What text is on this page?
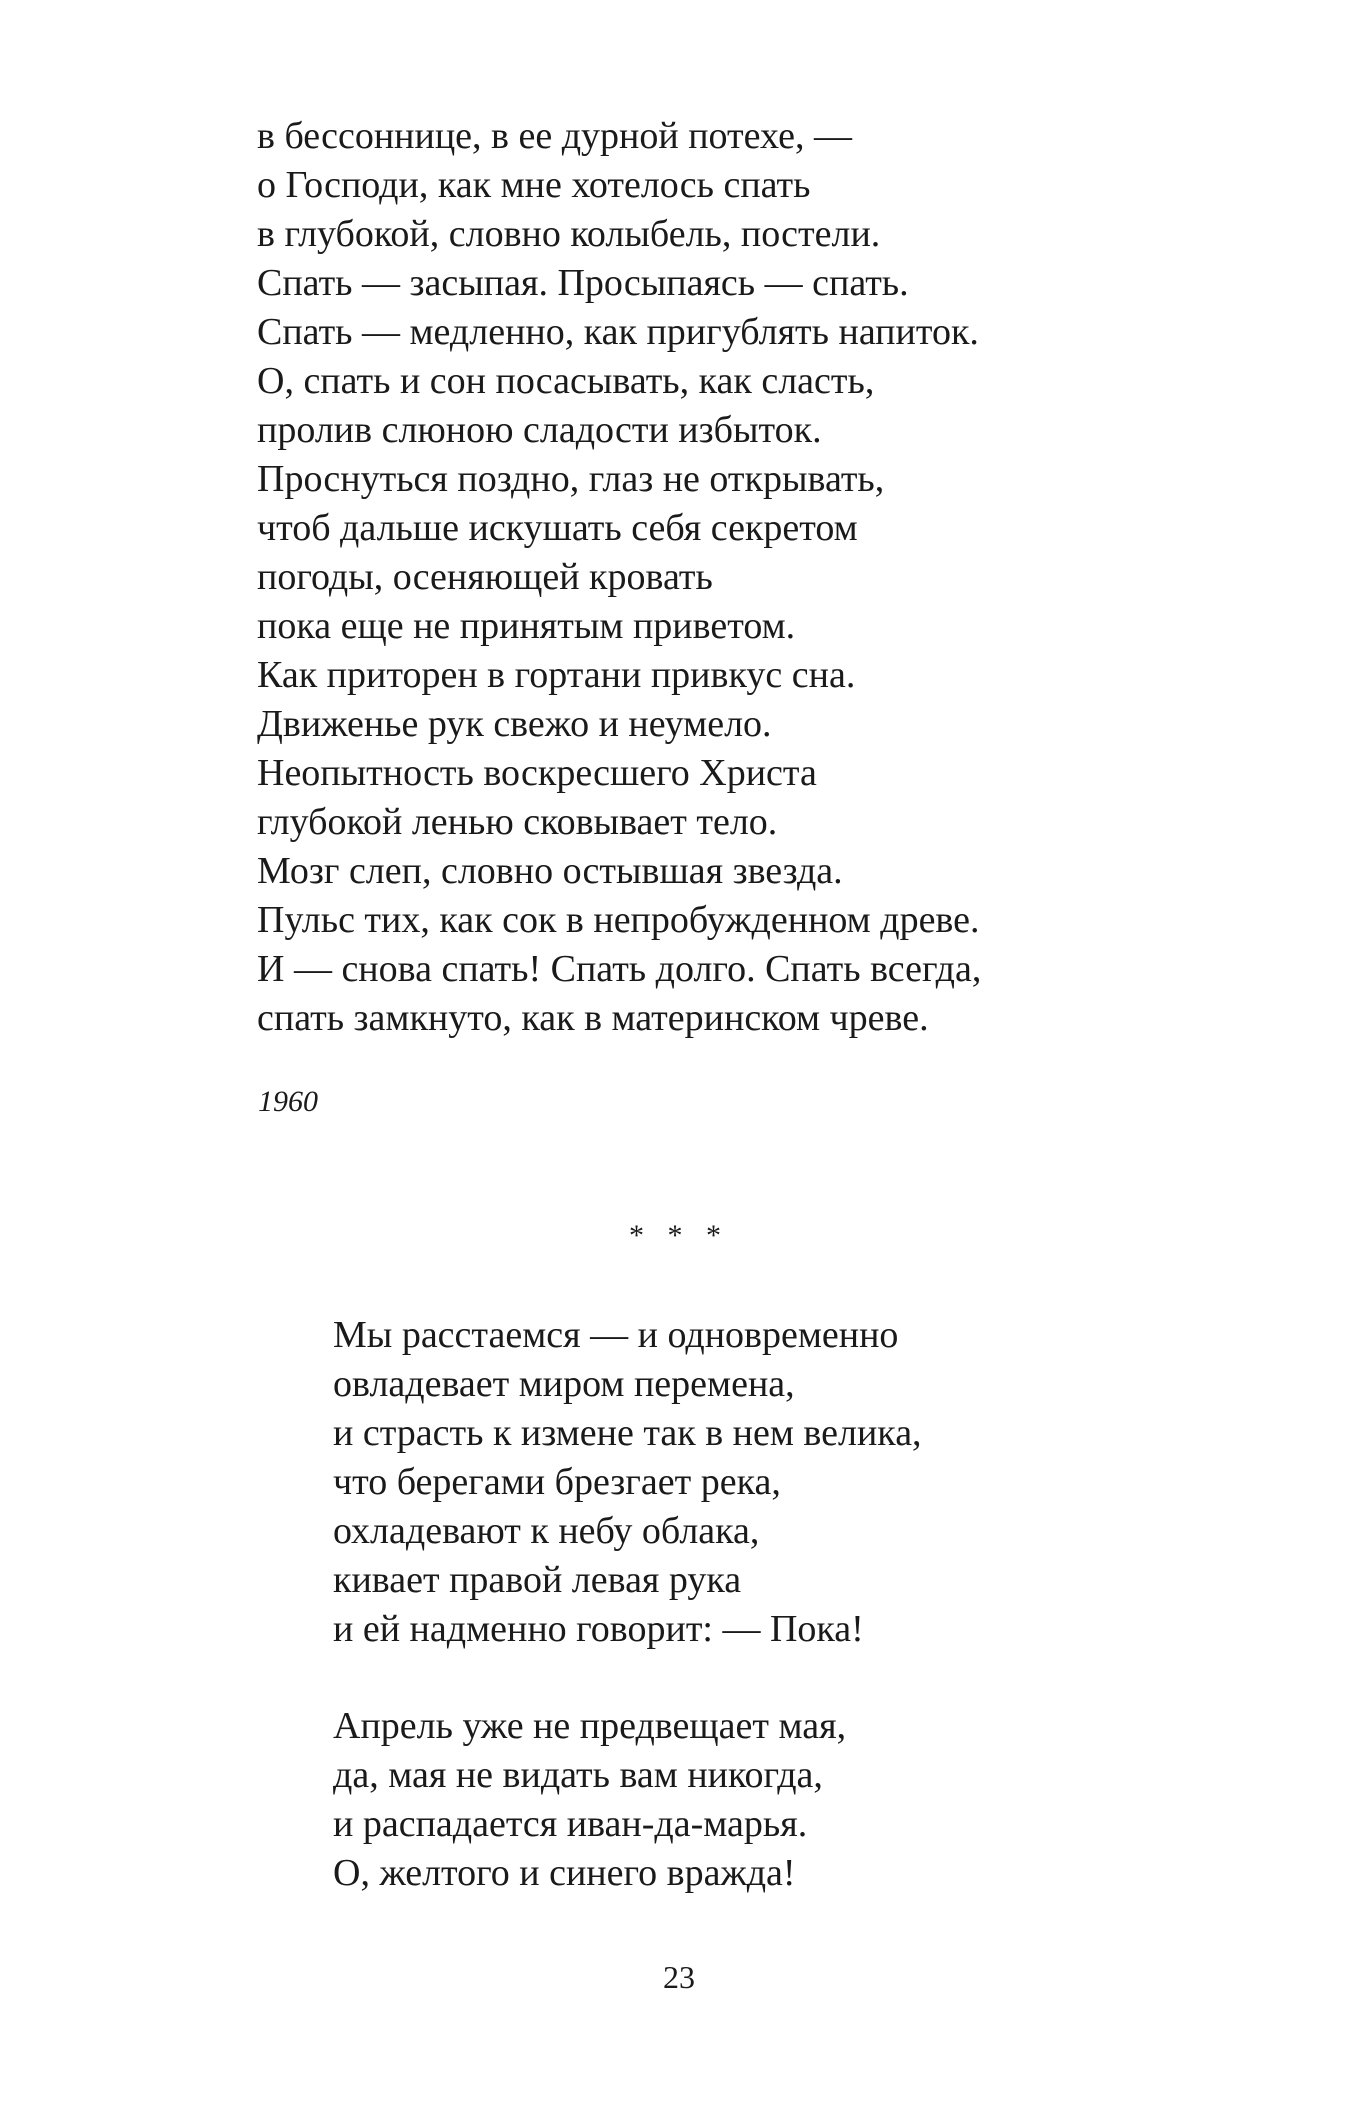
в бессоннице, в ее дурной потехе, —
о Господи, как мне хотелось спать
в глубокой, словно колыбель, постели.
Спать — засыпая. Просыпаясь — спать.
Спать — медленно, как пригублять напиток.
О, спать и сон посасывать, как сласть,
пролив слюною сладости избыток.
Проснуться поздно, глаз не открывать,
чтоб дальше искушать себя секретом
погоды, осеняющей кровать
пока еще не принятым приветом.
Как приторен в гортани привкус сна.
Движенье рук свежо и неумело.
Неопытность воскресшего Христа
глубокой ленью сковывает тело.
Мозг слеп, словно остывшая звезда.
Пульс тих, как сок в непробужденном древе.
И — снова спать! Спать долго. Спать всегда,
спать замкнуто, как в материнском чреве.
1960
* * *
Мы расстаемся — и одновременно
овладевает миром перемена,
и страсть к измене так в нем велика,
что берегами брезгает река,
охладевают к небу облака,
кивает правой левая рука
и ей надменно говорит: — Пока!
Апрель уже не предвещает мая,
да, мая не видать вам никогда,
и распадается иван-да-марья.
О, желтого и синего вражда!
23
